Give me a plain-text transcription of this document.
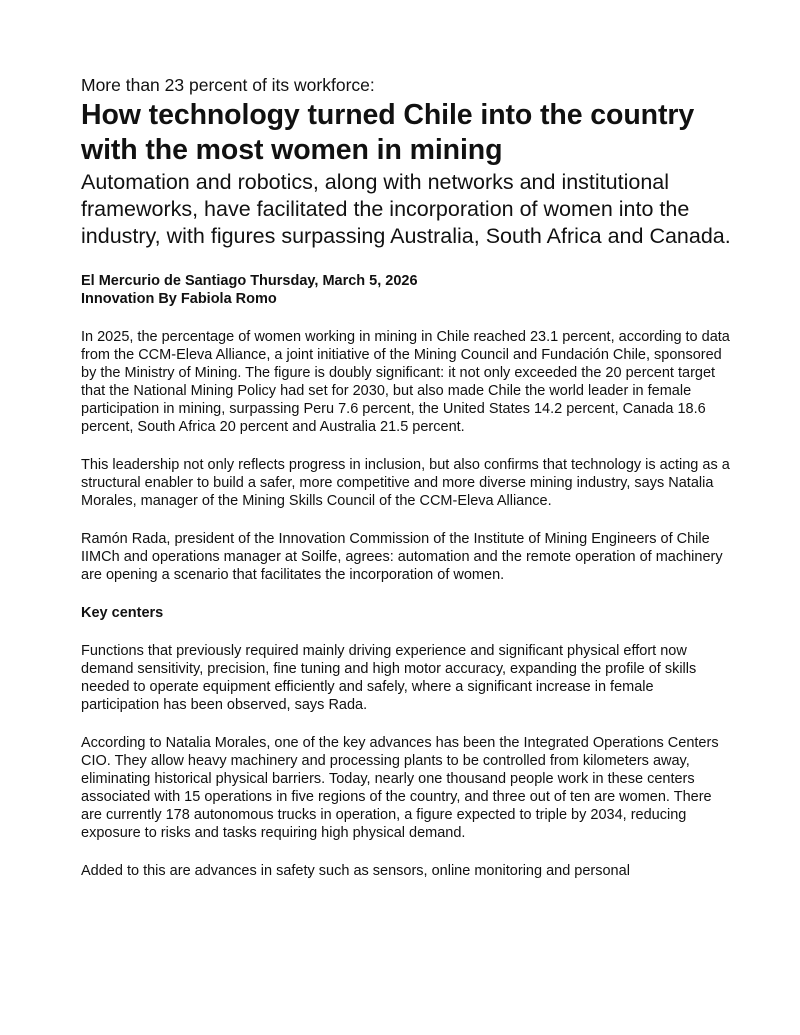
More than 23 percent of its workforce:

How technology turned Chile into the country with the most women in mining

Automation and robotics, along with networks and institutional frameworks, have facilitated the incorporation of women into the industry, with figures surpassing Australia, South Africa and Canada.

El Mercurio de Santiago Thursday, March 5, 2026
Innovation By Fabiola Romo

In 2025, the percentage of women working in mining in Chile reached 23.1 percent, according to data from the CCM-Eleva Alliance, a joint initiative of the Mining Council and Fundación Chile, sponsored by the Ministry of Mining. The figure is doubly significant: it not only exceeded the 20 percent target that the National Mining Policy had set for 2030, but also made Chile the world leader in female participation in mining, surpassing Peru 7.6 percent, the United States 14.2 percent, Canada 18.6 percent, South Africa 20 percent and Australia 21.5 percent.

This leadership not only reflects progress in inclusion, but also confirms that technology is acting as a structural enabler to build a safer, more competitive and more diverse mining industry, says Natalia Morales, manager of the Mining Skills Council of the CCM-Eleva Alliance.

Ramón Rada, president of the Innovation Commission of the Institute of Mining Engineers of Chile IIMCh and operations manager at Soilfe, agrees: automation and the remote operation of machinery are opening a scenario that facilitates the incorporation of women.

Key centers

Functions that previously required mainly driving experience and significant physical effort now demand sensitivity, precision, fine tuning and high motor accuracy, expanding the profile of skills needed to operate equipment efficiently and safely, where a significant increase in female participation has been observed, says Rada.

According to Natalia Morales, one of the key advances has been the Integrated Operations Centers CIO. They allow heavy machinery and processing plants to be controlled from kilometers away, eliminating historical physical barriers. Today, nearly one thousand people work in these centers associated with 15 operations in five regions of the country, and three out of ten are women. There are currently 178 autonomous trucks in operation, a figure expected to triple by 2034, reducing exposure to risks and tasks requiring high physical demand.

Added to this are advances in safety such as sensors, online monitoring and personal
